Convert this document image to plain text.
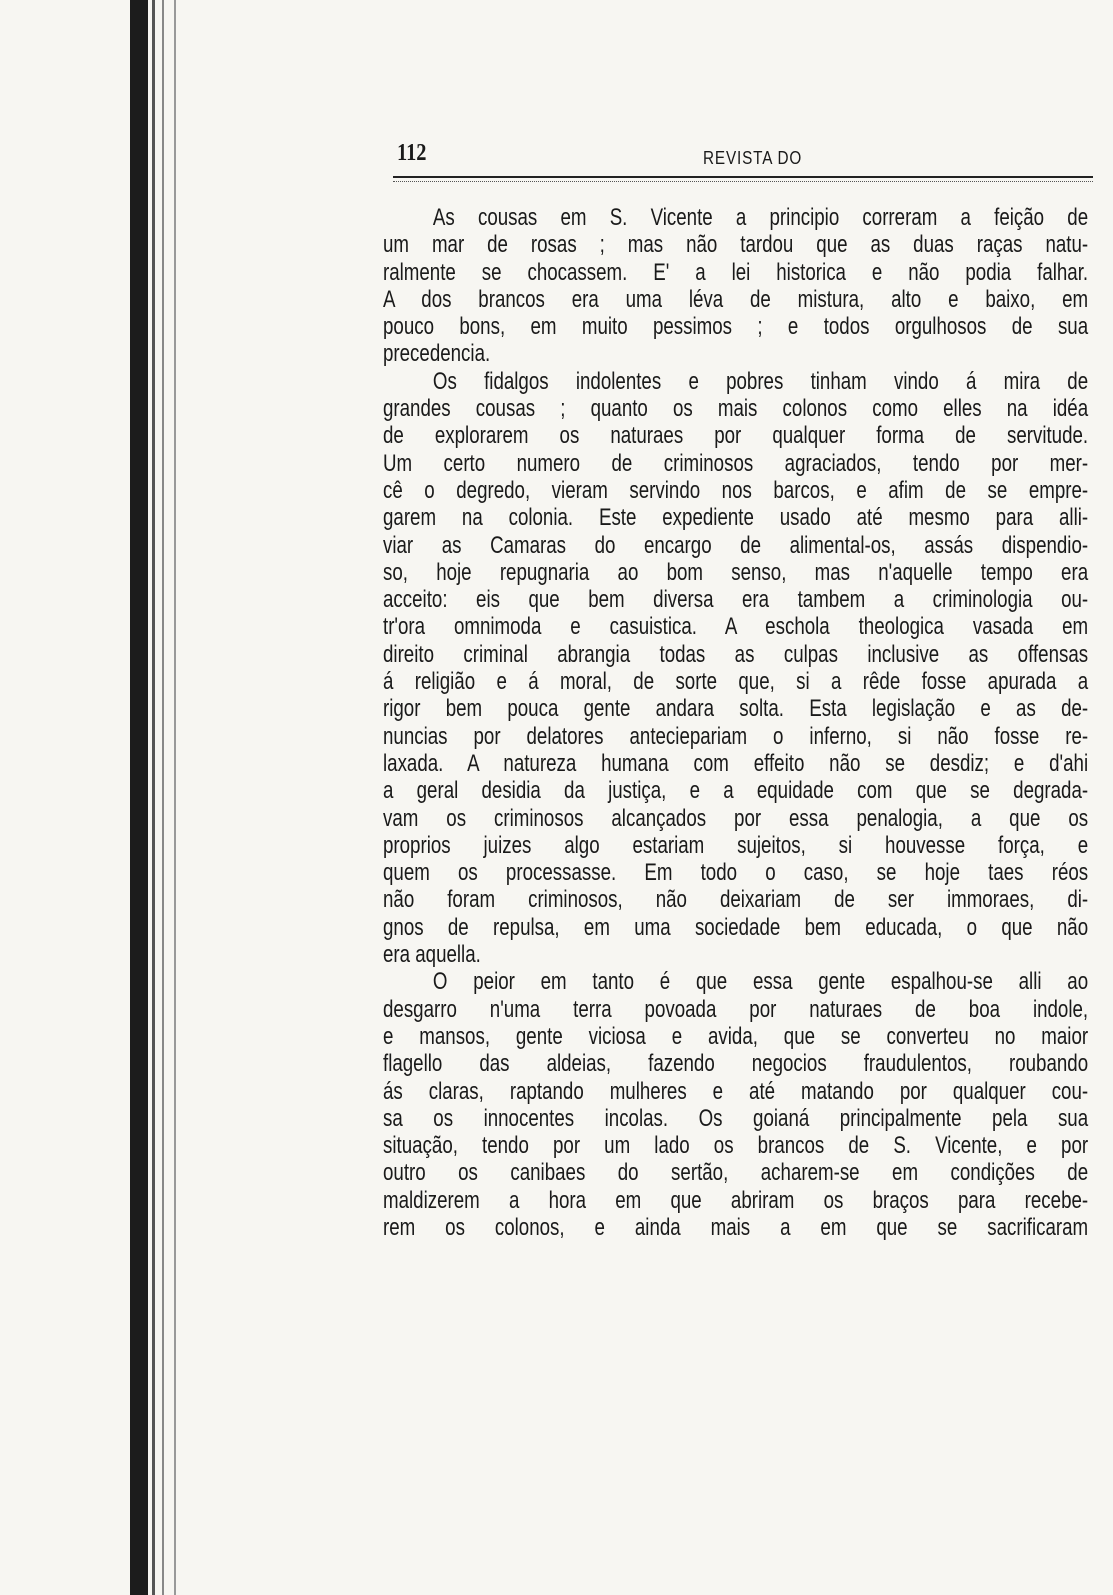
112	REVISTA DO
As cousas em S. Vicente a principio correram a feição de
um mar de rosas ; mas não tardou que as duas raças natu-
ralmente se chocassem. E' a lei historica e não podia falhar.
A dos brancos era uma léva de mistura, alto e baixo, em
pouco bons, em muito pessimos ; e todos orgulhosos de sua
precedencia.
Os fidalgos indolentes e pobres tinham vindo á mira de
grandes cousas ; quanto os mais colonos como elles na idéa
de explorarem os naturaes por qualquer forma de servitude.
Um certo numero de criminosos agraciados, tendo por mer-
cê o degredo, vieram servindo nos barcos, e afim de se empre-
garem na colonia. Este expediente usado até mesmo para alli-
viar as Camaras do encargo de alimental-os, assás dispendio-
so, hoje repugnaria ao bom senso, mas n'aquelle tempo era
acceito: eis que bem diversa era tambem a criminologia ou-
tr'ora omnimoda e casuistica. A eschola theologica vasada em
direito criminal abrangia todas as culpas inclusive as offensas
á religião e á moral, de sorte que, si a rêde fosse apurada a
rigor bem pouca gente andara solta. Esta legislação e as de-
nuncias por delatores anteciepariam o inferno, si não fosse re-
laxada. A natureza humana com effeito não se desdiz; e d'ahi
a geral desidia da justiça, e a equidade com que se degrada-
vam os criminosos alcançados por essa penalogia, a que os
proprios juizes algo estariam sujeitos, si houvesse força, e
quem os processasse. Em todo o caso, se hoje taes réos
não foram criminosos, não deixariam de ser immoraes, di-
gnos de repulsa, em uma sociedade bem educada, o que não
era aquella.
O peior em tanto é que essa gente espalhou-se alli ao
desgarro n'uma terra povoada por naturaes de boa indole,
e mansos, gente viciosa e avida, que se converteu no maior
flagello das aldeias, fazendo negocios fraudulentos, roubando
ás claras, raptando mulheres e até matando por qualquer cou-
sa os innocentes incolas. Os goianá principalmente pela sua
situação, tendo por um lado os brancos de S. Vicente, e por
outro os canibaes do sertão, acharem-se em condições de
maldizerem a hora em que abriram os braços para recebe-
rem os colonos, e ainda mais a em que se sacrificaram
